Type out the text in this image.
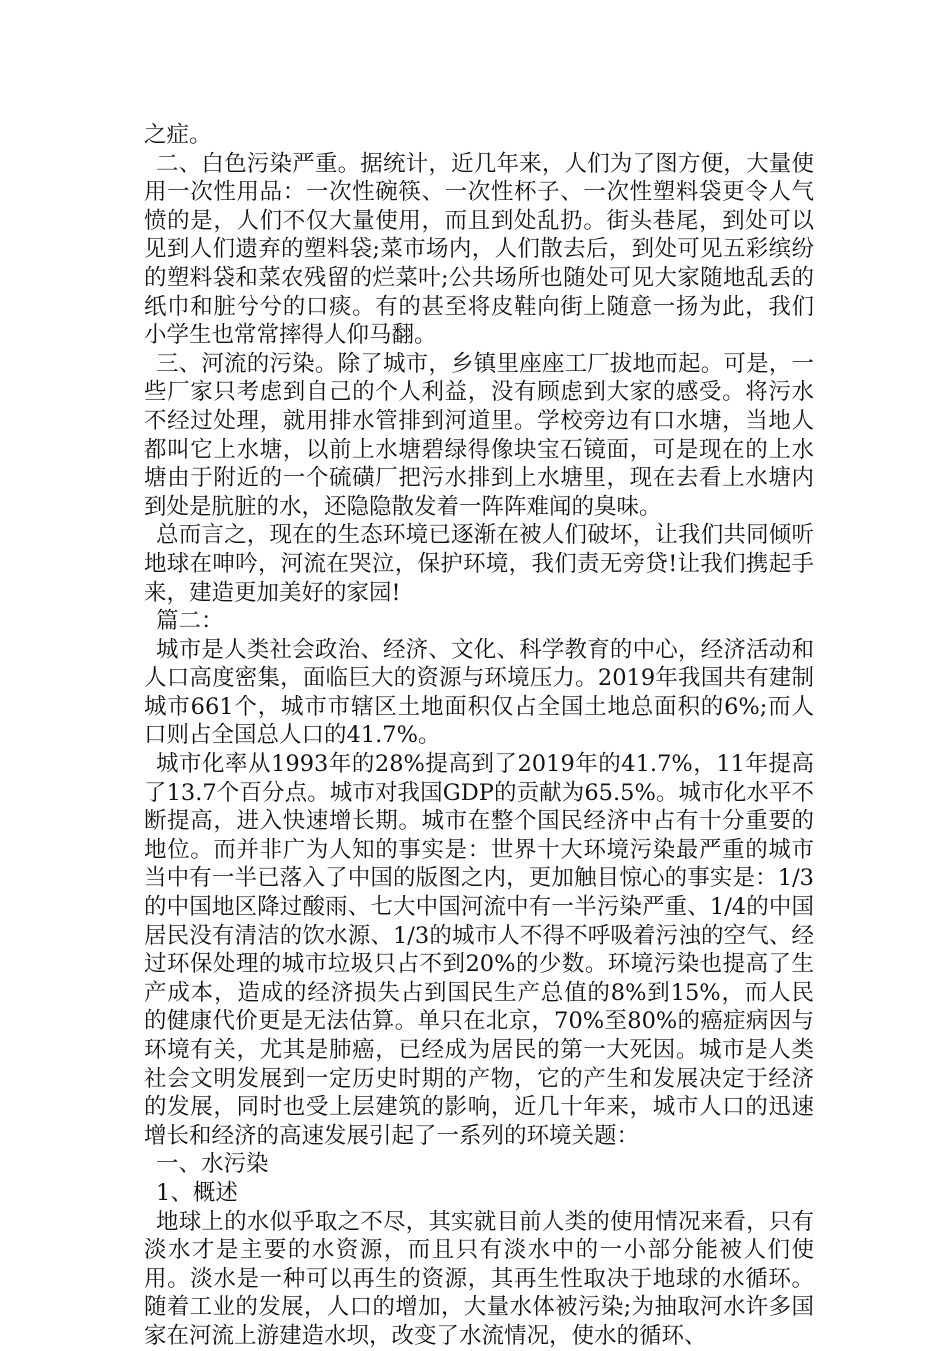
之症。

二、白色污染严重。据统计，近几年来，人们为了图方便，大量使用一次性用品：一次性碗筷、一次性杯子、一次性塑料袋更令人气愤的是，人们不仅大量使用，而且到处乱扔。街头巷尾，到处可以见到人们遗弃的塑料袋;菜市场内，人们散去后，到处可见五彩缤纷的塑料袋和菜农残留的烂菜叶;公共场所也随处可见大家随地乱丢的纸巾和脏兮兮的口痰。有的甚至将皮鞋向街上随意一扬为此，我们小学生也常常摔得人仰马翻。

三、河流的污染。除了城市，乡镇里座座工厂拔地而起。可是，一些厂家只考虑到自己的个人利益，没有顾虑到大家的感受。将污水不经过处理，就用排水管排到河道里。学校旁边有口水塘，当地人都叫它上水塘，以前上水塘碧绿得像块宝石镜面，可是现在的上水塘由于附近的一个硫磺厂把污水排到上水塘里，现在去看上水塘内到处是肮脏的水，还隐隐散发着一阵阵难闻的臭味。

总而言之，现在的生态环境已逐渐在被人们破坏，让我们共同倾听地球在呻吟，河流在哭泣，保护环境，我们责无旁贷!让我们携起手来，建造更加美好的家园!

篇二：

城市是人类社会政治、经济、文化、科学教育的中心，经济活动和人口高度密集，面临巨大的资源与环境压力。2019年我国共有建制城市661个，城市市辖区土地面积仅占全国土地总面积的6%;而人口则占全国总人口的41.7%。

城市化率从1993年的28%提高到了2019年的41.7%，11年提高了13.7个百分点。城市对我国GDP的贡献为65.5%。城市化水平不断提高，进入快速增长期。城市在整个国民经济中占有十分重要的地位。而并非广为人知的事实是：世界十大环境污染最严重的城市当中有一半已落入了中国的版图之内，更加触目惊心的事实是：1/3的中国地区降过酸雨、七大中国河流中有一半污染严重、1/4的中国居民没有清洁的饮水源、1/3的城市人不得不呼吸着污浊的空气、经过环保处理的城市垃圾只占不到20%的少数。环境污染也提高了生产成本，造成的经济损失占到国民生产总值的8%到15%，而人民的健康代价更是无法估算。单只在北京，70%至80%的癌症病因与环境有关，尤其是肺癌，已经成为居民的第一大死因。城市是人类社会文明发展到一定历史时期的产物，它的产生和发展决定于经济的发展，同时也受上层建筑的影响，近几十年来，城市人口的迅速增长和经济的高速发展引起了一系列的环境关题：

一、水污染

1、概述

地球上的水似乎取之不尽，其实就目前人类的使用情况来看，只有淡水才是主要的水资源，而且只有淡水中的一小部分能被人们使用。淡水是一种可以再生的资源，其再生性取决于地球的水循环。随着工业的发展，人口的增加，大量水体被污染;为抽取河水许多国家在河流上游建造水坝，改变了水流情况，使水的循环、
